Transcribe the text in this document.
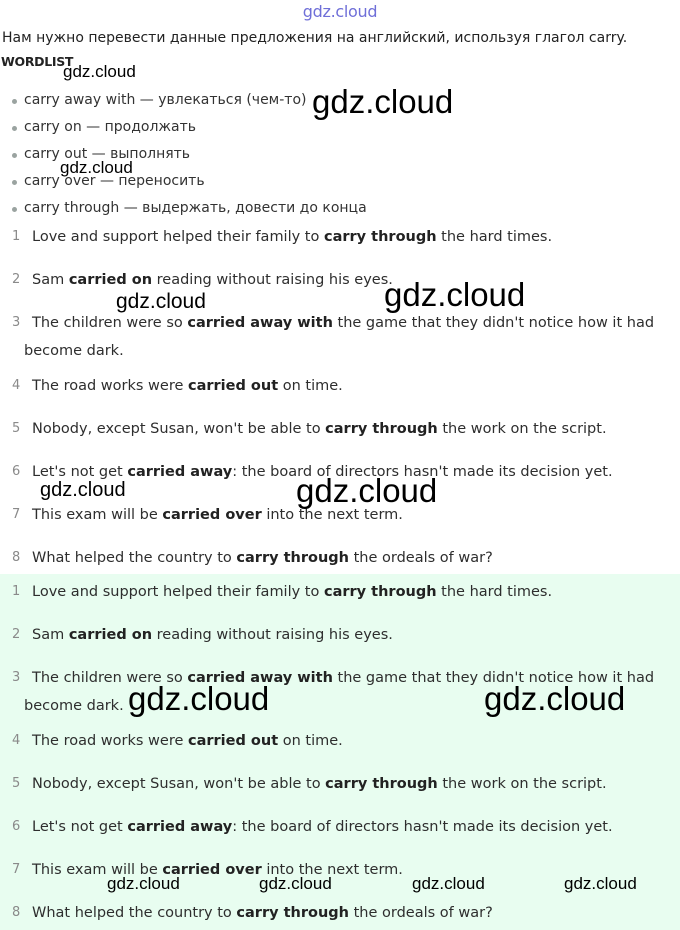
gdz.cloud
Нам нужно перевести данные предложения на английский, используя глагол carry.
WORDLIST
carry away with — увлекаться (чем-то)
carry on — продолжать
carry out — выполнять
carry over — переносить
carry through — выдержать, довести до конца
1 Love and support helped their family to carry through the hard times.
2 Sam carried on reading without raising his eyes.
3 The children were so carried away with the game that they didn't notice how it had
become dark.
4 The road works were carried out on time.
5 Nobody, except Susan, won't be able to carry through the work on the script.
6 Let's not get carried away: the board of directors hasn't made its decision yet.
7 This exam will be carried over into the next term.
8 What helped the country to carry through the ordeals of war?
1 Love and support helped their family to carry through the hard times.
2 Sam carried on reading without raising his eyes.
3 The children were so carried away with the game that they didn't notice how it had
become dark.
4 The road works were carried out on time.
5 Nobody, except Susan, won't be able to carry through the work on the script.
6 Let's not get carried away: the board of directors hasn't made its decision yet.
7 This exam will be carried over into the next term.
8 What helped the country to carry through the ordeals of war?
gdz.cloud
gdz.cloud
gdz.cloud
gdz.cloud
gdz.cloud
gdz.cloud	gdz.cloud
gdz.cloud	gdz.cloud
gdz.cloud	gdz.cloud	gdz.cloud	gdz.cloud
